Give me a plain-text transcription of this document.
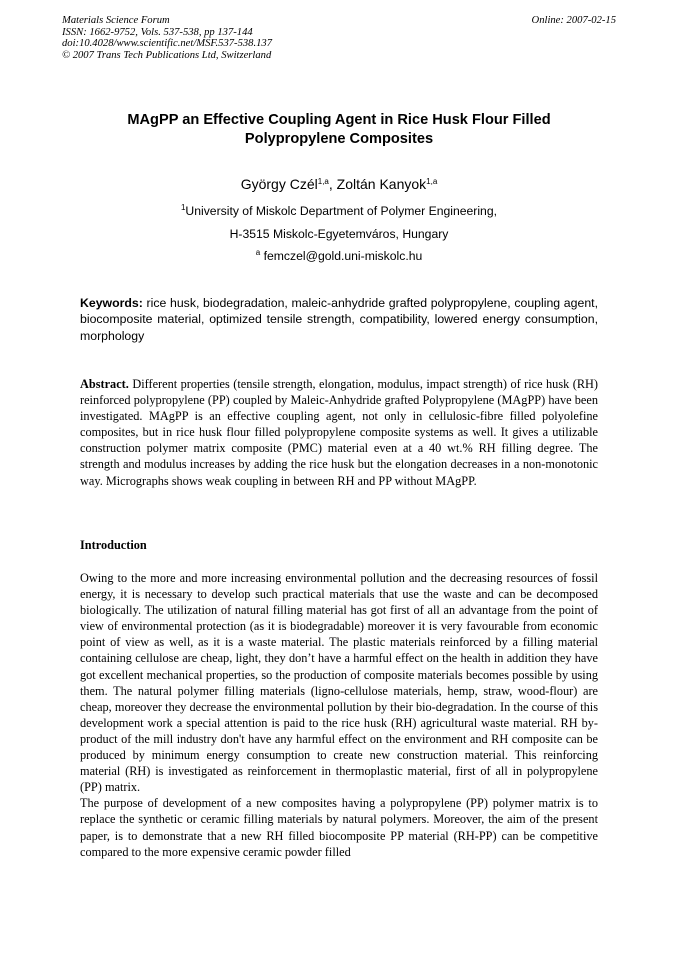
Materials Science Forum
ISSN: 1662-9752, Vols. 537-538, pp 137-144
doi:10.4028/www.scientific.net/MSF.537-538.137
© 2007 Trans Tech Publications Ltd, Switzerland
Online: 2007-02-15
MAgPP an Effective Coupling Agent in Rice Husk Flour Filled
Polypropylene Composites
György Czél$^{1,a}$, Zoltán Kanyok$^{1,a}$
$^1$University of Miskolc Department of Polymer Engineering,
H-3515 Miskolc-Egyetemváros, Hungary
$^a$ femczel@gold.uni-miskolc.hu
Keywords: rice husk, biodegradation, maleic-anhydride grafted polypropylene, coupling agent, biocomposite material, optimized tensile strength, compatibility, lowered energy consumption, morphology
Abstract. Different properties (tensile strength, elongation, modulus, impact strength) of rice husk (RH) reinforced polypropylene (PP) coupled by Maleic-Anhydride grafted Polypropylene (MAgPP) have been investigated. MAgPP is an effective coupling agent, not only in cellulosic-fibre filled polyolefine composites, but in rice husk flour filled polypropylene composite systems as well. It gives a utilizable construction polymer matrix composite (PMC) material even at a 40 wt.% RH filling degree. The strength and modulus increases by adding the rice husk but the elongation decreases in a non-monotonic way. Micrographs shows weak coupling in between RH and PP without MAgPP.
Introduction

Owing to the more and more increasing environmental pollution and the decreasing resources of fossil energy, it is necessary to develop such practical materials that use the waste and can be decomposed biologically. The utilization of natural filling material has got first of all an advantage from the point of view of environmental protection (as it is biodegradable) moreover it is very favourable from economic point of view as well, as it is a waste material. The plastic materials reinforced by a filling material containing cellulose are cheap, light, they don’t have a harmful effect on the health in addition they have got excellent mechanical properties, so the production of composite materials becomes possible by using them. The natural polymer filling materials (ligno-cellulose materials, hemp, straw, wood-flour) are cheap, moreover they decrease the environmental pollution by their bio-degradation. In the course of this development work a special attention is paid to the rice husk (RH) agricultural waste material. RH by-product of the mill industry don't have any harmful effect on the environment and RH composite can be produced by minimum energy consumption to create new construction material. This reinforcing material (RH) is investigated as reinforcement in thermoplastic material, first of all in polypropylene (PP) matrix.

The purpose of development of a new composites having a polypropylene (PP) polymer matrix is to replace the synthetic or ceramic filling materials by natural polymers. Moreover, the aim of the present paper, is to demonstrate that a new RH filled biocomposite PP material (RH-PP) can be competitive compared to the more expensive ceramic powder filled
